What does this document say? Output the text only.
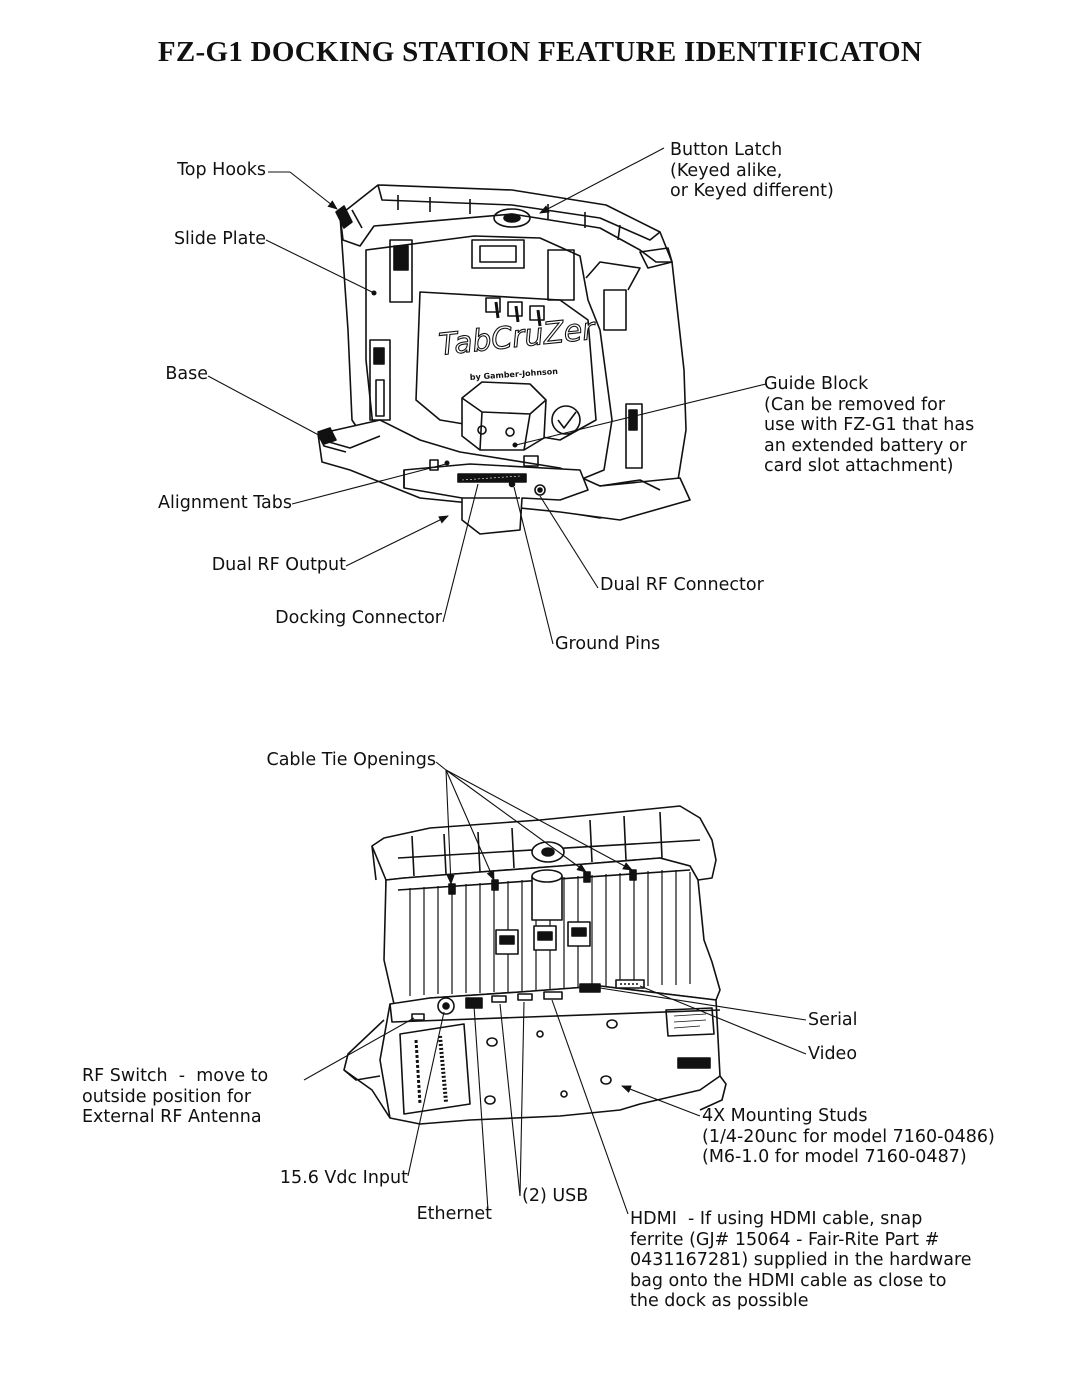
FZ-G1 DOCKING STATION FEATURE IDENTIFICATON
TabCruZer
by Gamber-Johnson
Top Hooks
Slide Plate
Base
Alignment Tabs
Dual RF Output
Docking Connector
Button Latch
(Keyed alike,
or Keyed different)
Guide Block
(Can be removed for
use with FZ-G1 that has
an extended battery or
card slot attachment)
Dual RF Connector
Ground Pins
Cable Tie Openings
Serial
Video
RF Switch  -  move to
outside position for
External RF Antenna	4X Mounting Studs
(1/4-20unc for model 7160-0486)
(M6-1.0 for model 7160-0487)
15.6 Vdc Input
Ethernet
(2) USB
HDMI  - If using HDMI cable, snap
ferrite (GJ# 15064 - Fair-Rite Part #
0431167281) supplied in the hardware
bag onto the HDMI cable as close to
the dock as possible
